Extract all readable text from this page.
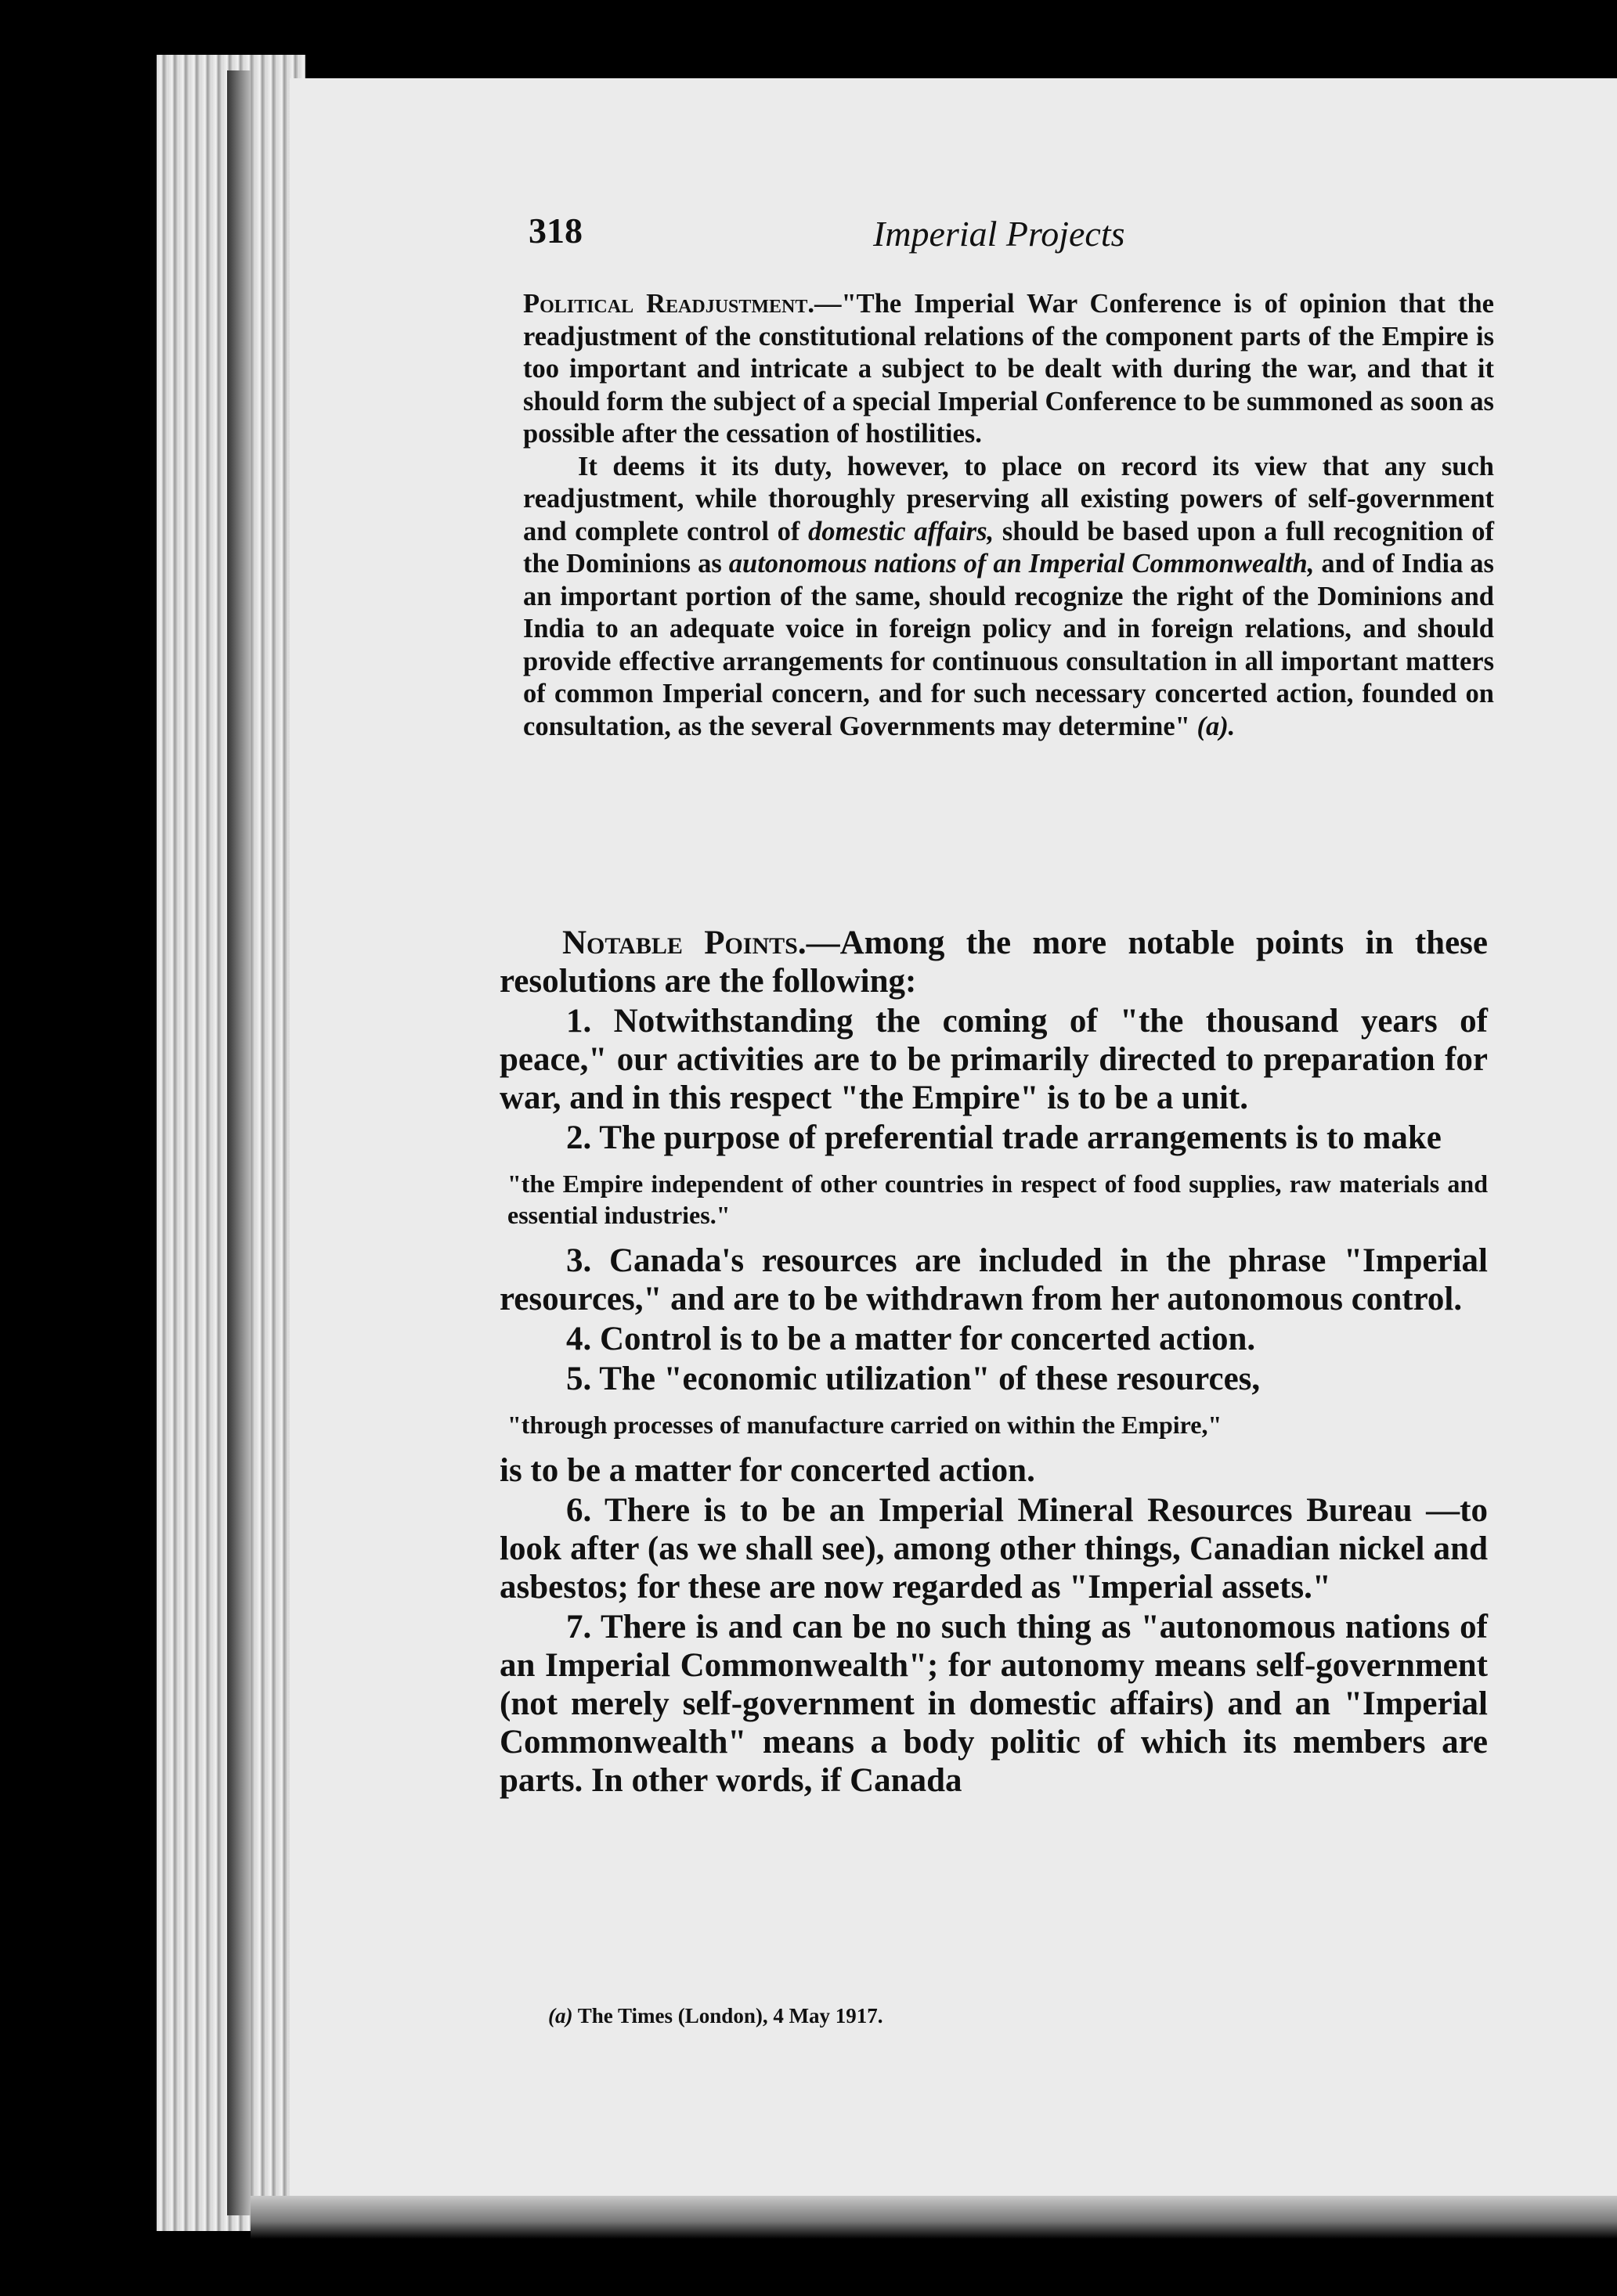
318	Imperial Projects

Political Readjustment.—"The Imperial War Conference is of opinion that the readjustment of the constitutional relations of the component parts of the Empire is too important and intricate a subject to be dealt with during the war, and that it should form the subject of a special Imperial Conference to be summoned as soon as possible after the cessation of hostilities.

It deems it its duty, however, to place on record its view that any such readjustment, while thoroughly preserving all existing powers of self-government and complete control of domestic affairs, should be based upon a full recognition of the Dominions as autonomous nations of an Imperial Commonwealth, and of India as an important portion of the same, should recognize the right of the Dominions and India to an adequate voice in foreign policy and in foreign relations, and should provide effective arrangements for continuous consultation in all important matters of common Imperial concern, and for such necessary concerted action, founded on consultation, as the several Governments may determine" (a).

Notable Points.—Among the more notable points in these resolutions are the following:

1. Notwithstanding the coming of "the thousand years of peace," our activities are to be primarily directed to preparation for war, and in this respect "the Empire" is to be a unit.

2. The purpose of preferential trade arrangements is to make

"the Empire independent of other countries in respect of food supplies, raw materials and essential industries."

3. Canada's resources are included in the phrase "Imperial resources," and are to be withdrawn from her autonomous control.

4. Control is to be a matter for concerted action.

5. The "economic utilization" of these resources,

"through processes of manufacture carried on within the Empire,"

is to be a matter for concerted action.

6. There is to be an Imperial Mineral Resources Bureau —to look after (as we shall see), among other things, Canadian nickel and asbestos; for these are now regarded as "Imperial assets."

7. There is and can be no such thing as "autonomous nations of an Imperial Commonwealth"; for autonomy means self-government (not merely self-government in domestic affairs) and an "Imperial Commonwealth" means a body politic of which its members are parts. In other words, if Canada

(a) The Times (London), 4 May 1917.
